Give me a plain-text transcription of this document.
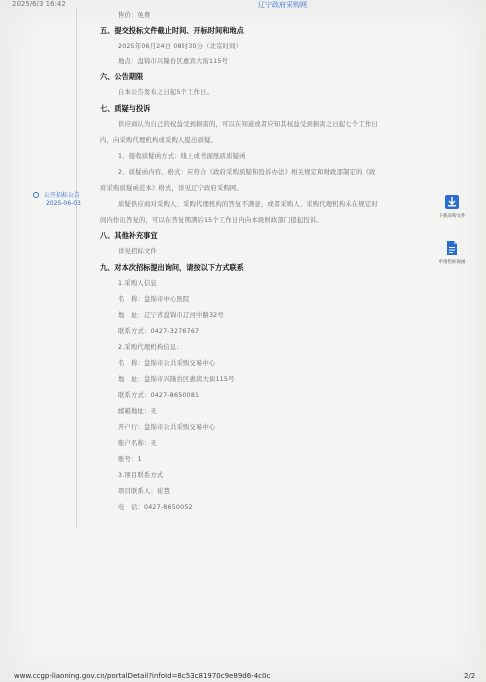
2025/6/3 16:42	辽宁政府采购网
公开招标公告
2025-06-03
售价：免费
五、提交投标文件截止时间、开标时间和地点
2025年06月24日 08时30分（北京时间）
地点：盘锦市兴隆台区惠宾大街115号
六、公告期限
自本公告发布之日起5个工作日。
七、质疑与投诉
供应商认为自己的权益受到损害的，可以在知道或者应知其权益受到损害之日起七个工作日
内，向采购代理机构或采购人提出质疑。
1、接收质疑函方式：线上或书面纸质质疑函
2、质疑函内容、格式：应符合《政府采购质疑和投诉办法》相关规定和财政部制定的《政
府采购质疑函范本》格式，详见辽宁政府采购网。
质疑供应商对采购人、采购代理机构的答复不满意，或者采购人、采购代理机构未在规定时
间内作出答复的，可以在答复期满后15个工作日内向本级财政部门提起投诉。
八、其他补充事宜
详见招标文件
九、对本次招标提出询问，请按以下方式联系
1.采购人信息
名　称：盘锦市中心医院
地　址：辽宁省盘锦市辽河中路32号
联系方式：0427-3276767
2.采购代理机构信息：
名　称：盘锦市公共采购交易中心
地　址：盘锦市兴隆台区惠宾大街115号
联系方式：0427-8650081
邮箱地址：无
开户行：盘锦市公共采购交易中心
账户名称：无
账号：1
3.项目联系方式
项目联系人：崔慧
电　话：0427-8650052
下载采购文件
申请投标保函
www.ccgp-liaoning.gov.cn/portalDetail?infoId=8c53c81970c9e89d6-4c0c	2/2
